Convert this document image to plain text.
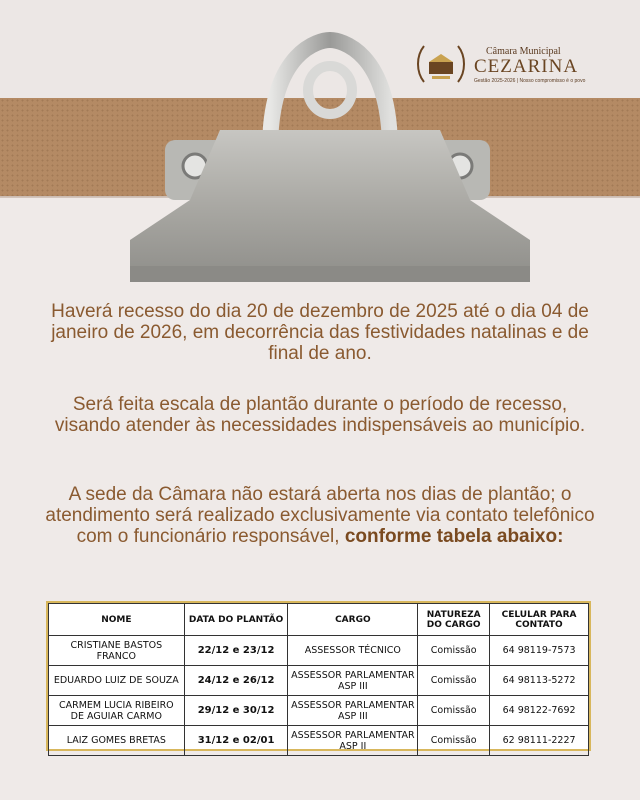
Câmara Municipal
CEZARINA
Gestão 2025-2026 | Nosso compromisso é o povo
Haverá recesso do dia 20 de dezembro de 2025 até o dia 04 de janeiro de 2026, em decorrência das festividades natalinas e de final de ano.
Será feita escala de plantão durante o período de recesso, visando atender às necessidades indispensáveis ao município.
A sede da Câmara não estará aberta nos dias de plantão; o atendimento será realizado exclusivamente via contato telefônico com o funcionário responsável, conforme tabela abaixo:
NOME	DATA DO PLANTÃO	CARGO	NATUREZA DO CARGO	CELULAR PARA CONTATO
CRISTIANE BASTOS FRANCO	22/12 e 23/12	ASSESSOR TÉCNICO	Comissão	64 98119-7573
EDUARDO LUIZ DE SOUZA	24/12 e 26/12	ASSESSOR PARLAMENTAR ASP III	Comissão	64 98113-5272
CARMEM LUCIA RIBEIRO DE AGUIAR CARMO	29/12 e 30/12	ASSESSOR PARLAMENTAR ASP III	Comissão	64 98122-7692
LAIZ GOMES BRETAS	31/12 e 02/01	ASSESSOR PARLAMENTAR ASP II	Comissão	62 98111-2227
